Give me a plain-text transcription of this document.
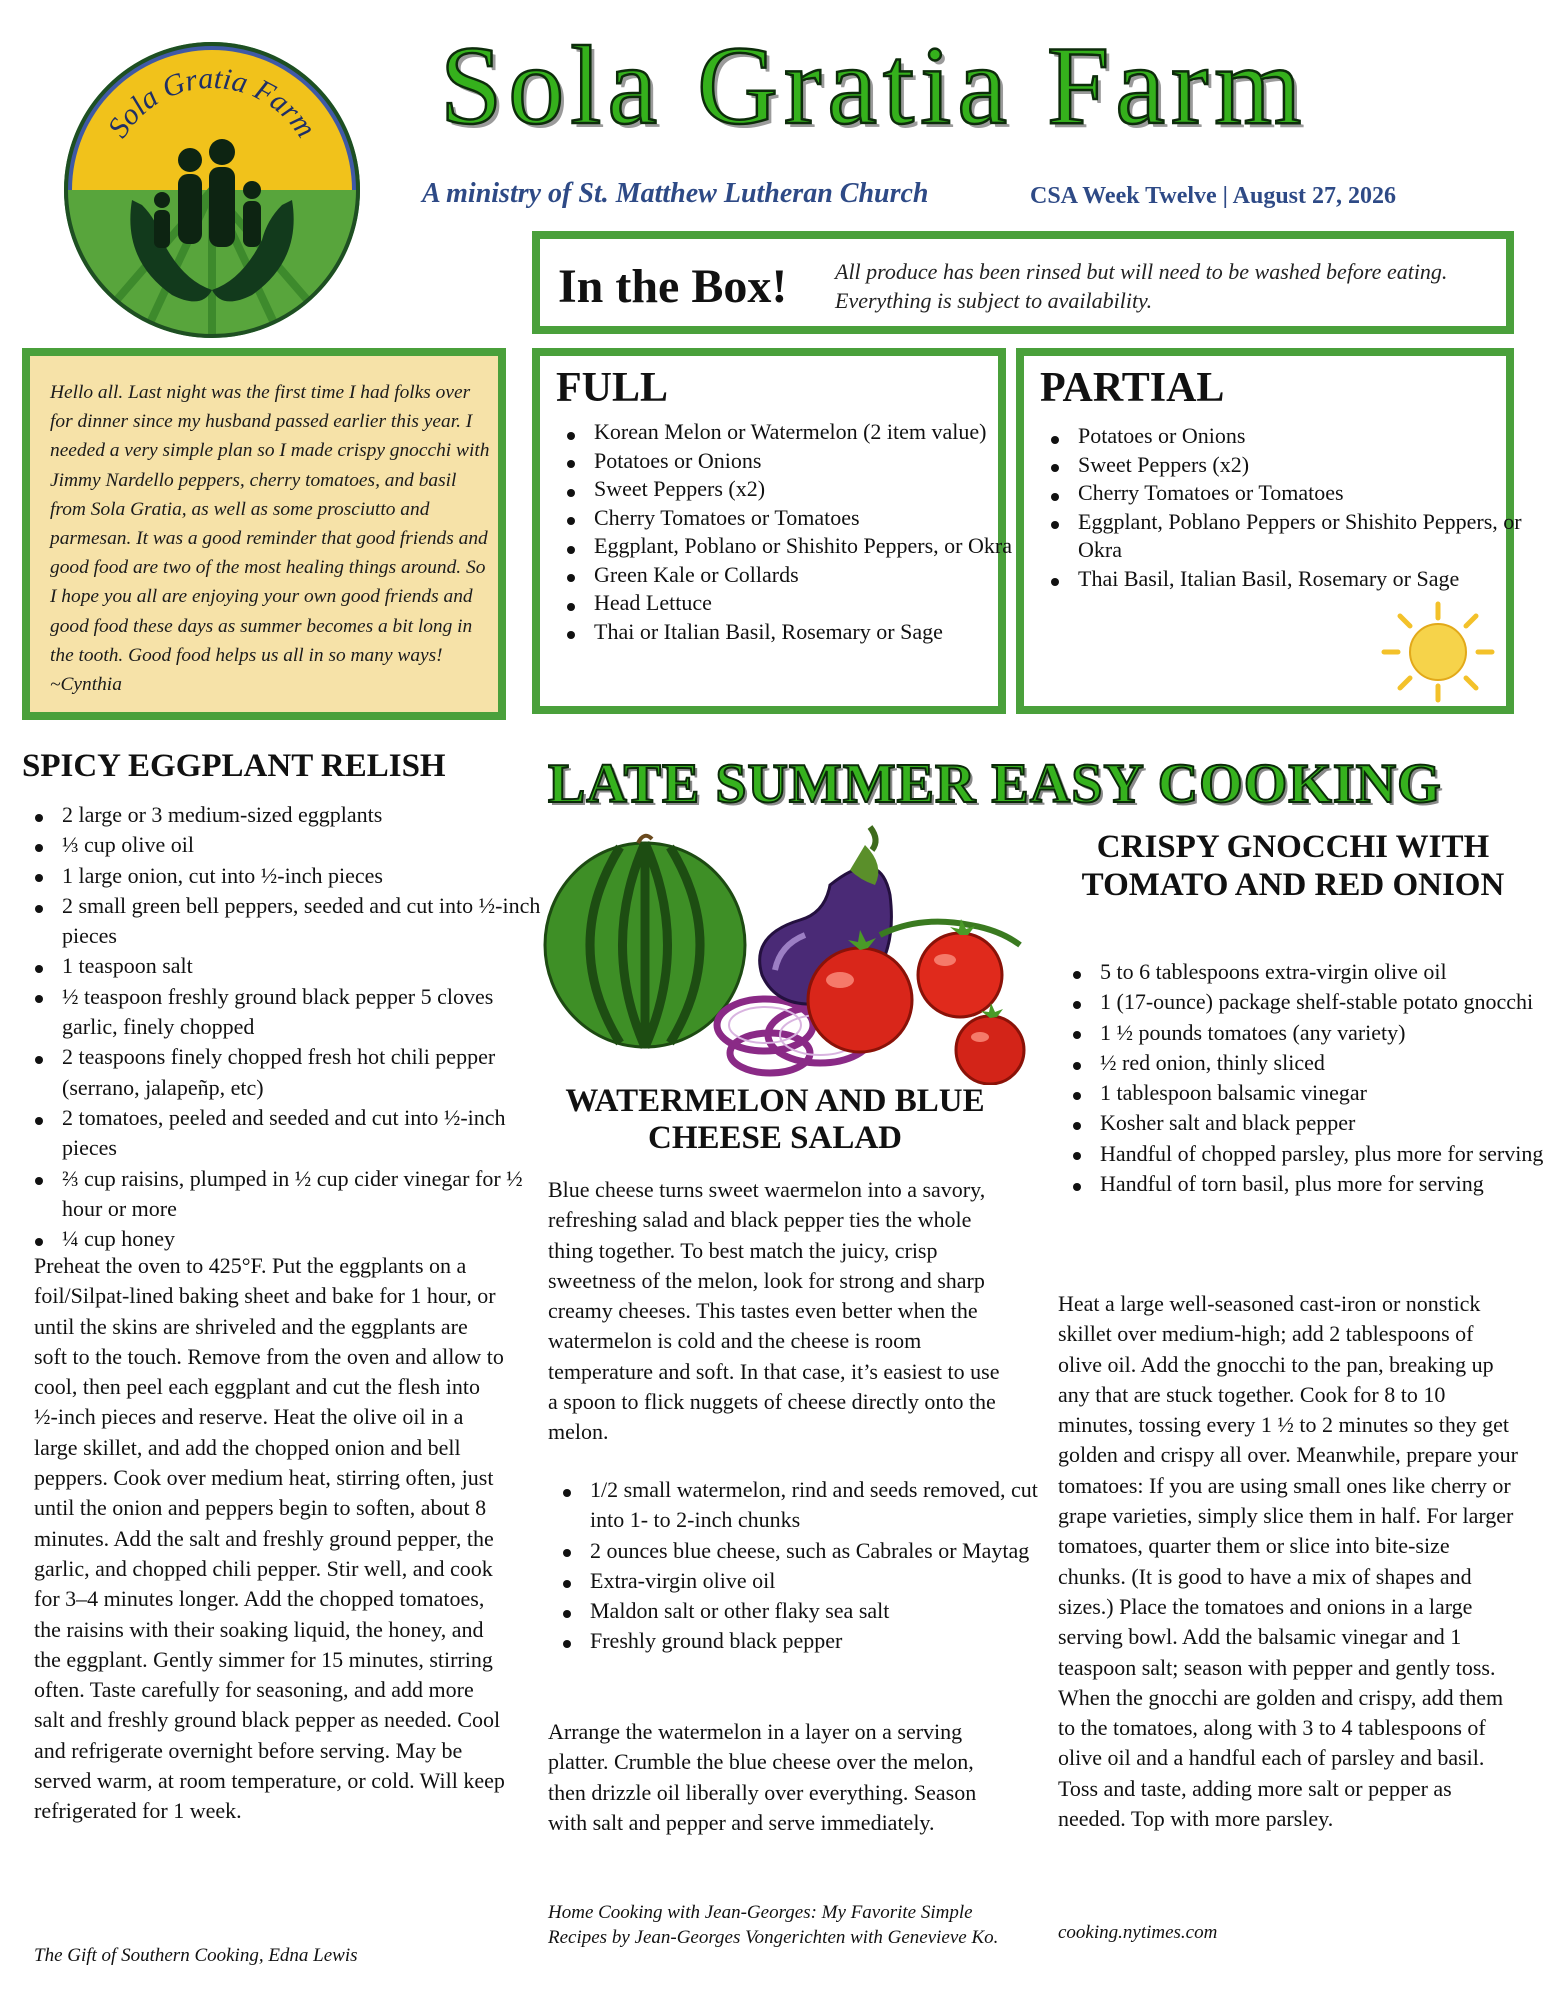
Sola Gratia Farm Sola Gratia Farm
A ministry of St. Matthew Lutheran Church	CSA Week Twelve | August 27, 2026
In the Box! All produce has been rinsed but will need to be washed before eating. Everything is subject to availability.

Hello all. Last night was the first time I had folks over for dinner since my husband passed earlier this year. I needed a very simple plan so I made crispy gnocchi with Jimmy Nardello peppers, cherry tomatoes, and basil from Sola Gratia, as well as some prosciutto and parmesan. It was a good reminder that good friends and good food are two of the most healing things around. So I hope you all are enjoying your own good friends and good food these days as summer becomes a bit long in the tooth. Good food helps us all in so many ways! ~Cynthia

FULL
Korean Melon or Watermelon (2 item value)
Potatoes or Onions
Sweet Peppers (x2)
Cherry Tomatoes or Tomatoes
Eggplant, Poblano or Shishito Peppers, or Okra
Green Kale or Collards
Head Lettuce
Thai or Italian Basil, Rosemary or Sage
PARTIAL
Potatoes or Onions
Sweet Peppers (x2)
Cherry Tomatoes or Tomatoes
Eggplant, Poblano Peppers or Shishito Peppers, or Okra
Thai Basil, Italian Basil, Rosemary or Sage
LATE SUMMER EASY COOKING
SPICY EGGPLANT RELISH
2 large or 3 medium-sized eggplants
⅓ cup olive oil
1 large onion, cut into ½-inch pieces
2 small green bell peppers, seeded and cut into ½-inch pieces
1 teaspoon salt
½ teaspoon freshly ground black pepper 5 cloves garlic, finely chopped
2 teaspoons finely chopped fresh hot chili pepper (serrano, jalapeñp, etc)
2 tomatoes, peeled and seeded and cut into ½-inch pieces
⅔ cup raisins, plumped in ½ cup cider vinegar for ½ hour or more
¼ cup honey

Preheat the oven to 425°F. Put the eggplants on a foil/Silpat-lined baking sheet and bake for 1 hour, or until the skins are shriveled and the eggplants are soft to the touch. Remove from the oven and allow to cool, then peel each eggplant and cut the flesh into ½-inch pieces and reserve. Heat the olive oil in a large skillet, and add the chopped onion and bell peppers. Cook over medium heat, stirring often, just until the onion and peppers begin to soften, about 8 minutes. Add the salt and freshly ground pepper, the garlic, and chopped chili pepper. Stir well, and cook for 3–4 minutes longer. Add the chopped tomatoes, the raisins with their soaking liquid, the honey, and the eggplant. Gently simmer for 15 minutes, stirring often. Taste carefully for seasoning, and add more salt and freshly ground black pepper as needed. Cool and refrigerate overnight before serving. May be served warm, at room temperature, or cold. Will keep refrigerated for 1 week.

The Gift of Southern Cooking, Edna Lewis
WATERMELON AND BLUE CHEESE SALAD

Blue cheese turns sweet waermelon into a savory, refreshing salad and black pepper ties the whole thing together. To best match the juicy, crisp sweetness of the melon, look for strong and sharp creamy cheeses. This tastes even better when the watermelon is cold and the cheese is room temperature and soft. In that case, it’s easiest to use a spoon to flick nuggets of cheese directly onto the melon.

1/2 small watermelon, rind and seeds removed, cut into 1- to 2-inch chunks
2 ounces blue cheese, such as Cabrales or Maytag
Extra-virgin olive oil
Maldon salt or other flaky sea salt
Freshly ground black pepper

Arrange the watermelon in a layer on a serving platter. Crumble the blue cheese over the melon, then drizzle oil liberally over everything. Season with salt and pepper and serve immediately.

Home Cooking with Jean-Georges: My Favorite Simple Recipes by Jean-Georges Vongerichten with Genevieve Ko.
CRISPY GNOCCHI WITH TOMATO AND RED ONION
5 to 6 tablespoons extra-virgin olive oil
1 (17-ounce) package shelf-stable potato gnocchi
1 ½ pounds tomatoes (any variety)
½ red onion, thinly sliced
1 tablespoon balsamic vinegar
Kosher salt and black pepper
Handful of chopped parsley, plus more for serving
Handful of torn basil, plus more for serving

Heat a large well-seasoned cast-iron or nonstick skillet over medium-high; add 2 tablespoons of olive oil. Add the gnocchi to the pan, breaking up any that are stuck together. Cook for 8 to 10 minutes, tossing every 1 ½ to 2 minutes so they get golden and crispy all over. Meanwhile, prepare your tomatoes: If you are using small ones like cherry or grape varieties, simply slice them in half. For larger tomatoes, quarter them or slice into bite-size chunks. (It is good to have a mix of shapes and sizes.) Place the tomatoes and onions in a large serving bowl. Add the balsamic vinegar and 1 teaspoon salt; season with pepper and gently toss. When the gnocchi are golden and crispy, add them to the tomatoes, along with 3 to 4 tablespoons of olive oil and a handful each of parsley and basil. Toss and taste, adding more salt or pepper as needed. Top with more parsley.

cooking.nytimes.com
